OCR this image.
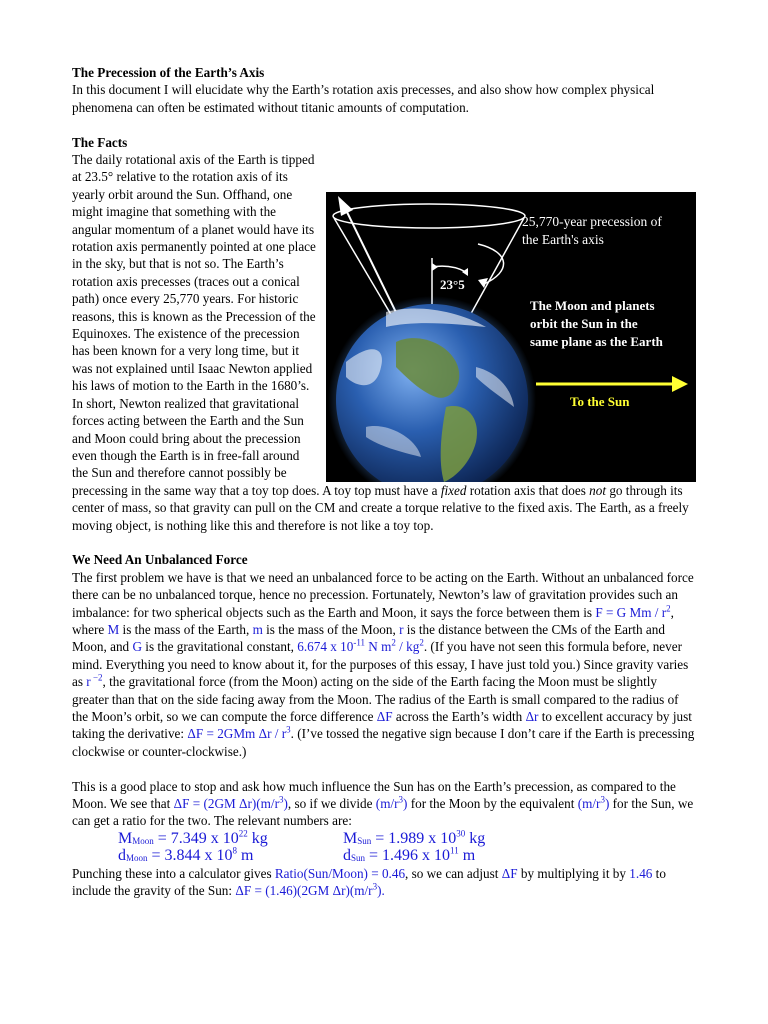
The Precession of the Earth’s Axis

In this document I will elucidate why the Earth’s rotation axis precesses, and also show how complex physical phenomena can often be estimated without titanic amounts of computation.

The Facts

The daily rotational axis of the Earth is tipped at 23.5° relative to the rotation axis of its yearly orbit around the Sun. Offhand, one might imagine that something with the angular momentum of a planet would have its rotation axis permanently pointed at one place in the sky, but that is not so. The Earth’s rotation axis precesses (traces out a conical path) once every 25,770 years. For historic reasons, this is known as the Precession of the Equinoxes. The existence of the precession has been known for a very long time, but it was not explained until Isaac Newton applied his laws of motion to the Earth in the 1680’s. In short, Newton realized that gravitational forces acting between the Earth and the Sun and Moon could bring about the precession even though the Earth is in free-fall around the Sun and therefore cannot possibly be precessing in the same way that a toy top does. A toy top must have a fixed rotation axis that does not go through its center of mass, so that gravity can pull on the CM and create a torque relative to the fixed axis. The Earth, as a freely moving object, is nothing like this and therefore is not like a toy top.

We Need An Unbalanced Force

The first problem we have is that we need an unbalanced force to be acting on the Earth. Without an unbalanced force there can be no unbalanced torque, hence no precession. Fortunately, Newton’s law of gravitation provides such an imbalance: for two spherical objects such as the Earth and Moon, it says the force between them is F = G Mm / $r^2$, where M is the mass of the Earth, m is the mass of the Moon, r is the distance between the CMs of the Earth and Moon, and G is the gravitational constant, 6.674 x $10^{-11}$ N $m^2 / kg^2$. (If you have not seen this formula before, never mind. Everything you need to know about it, for the purposes of this essay, I have just told you.) Since gravity varies as r $^{-2}$, the gravitational force (from the Moon) acting on the side of the Earth facing the Moon must be slightly greater than that on the side facing away from the Moon. The radius of the Earth is small compared to the radius of the Moon’s orbit, so we can compute the force difference ΔF across the Earth’s width Δr to excellent accuracy by just taking the derivative: ΔF = 2GMm Δr / $r^3$. (I’ve tossed the negative sign because I don’t care if the Earth is precessing clockwise or counter-clockwise.)

This is a good place to stop and ask how much influence the Sun has on the Earth’s precession, as compared to the Moon. We see that ΔF = (2GM $\Delta r)(m/r^3)$, so if we divide $(m/r^3)$ for the Moon by the equivalent $(m/r^3)$ for the Sun, we can get a ratio for the two. The relevant numbers are:

$M_{Moon} = 7.349$ x $10^{22}$ kg	$M_{Sun} = 1.989$ x $10^{30}$ kg
$d_{Moon} = 3.844$ x $10^8$ m	$d_{Sun} = 1.496$ x $10^{11}$ m

Punching these into a calculator gives Ratio(Sun/Moon) = 0.46, so we can adjust ΔF by multiplying it by 1.46 to include the gravity of the Sun: ΔF = (1.46)(2GM $\Delta r)(m/r^3)$.

25,770-year precession of
the Earth's axis
23°5
The Moon and planets
orbit the Sun in the
same plane as the Earth
To the Sun
